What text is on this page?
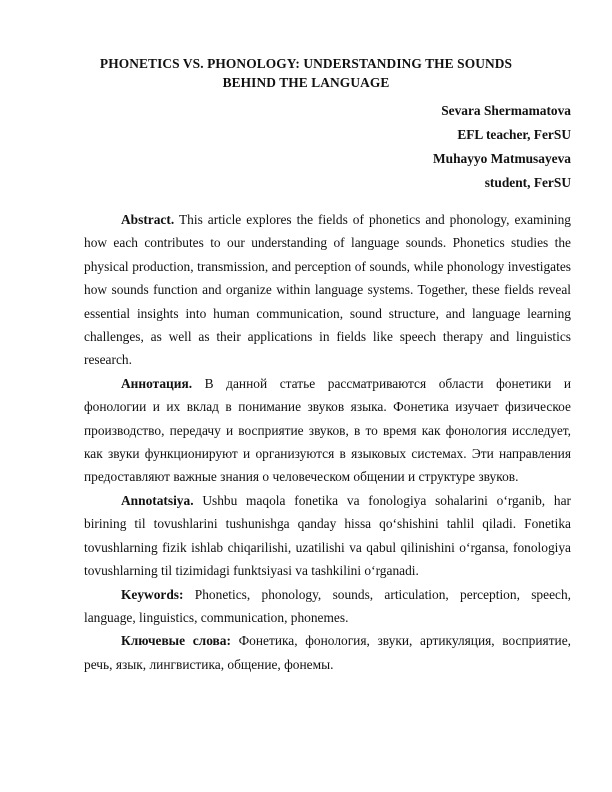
PHONETICS VS. PHONOLOGY: UNDERSTANDING THE SOUNDS BEHIND THE LANGUAGE
Sevara Shermamatova
EFL teacher, FerSU
Muhayyo Matmusayeva
student, FerSU

Abstract. This article explores the fields of phonetics and phonology, examining how each contributes to our understanding of language sounds. Phonetics studies the physical production, transmission, and perception of sounds, while phonology investigates how sounds function and organize within language systems. Together, these fields reveal essential insights into human communication, sound structure, and language learning challenges, as well as their applications in fields like speech therapy and linguistics research.

Аннотация. В данной статье рассматриваются области фонетики и фонологии и их вклад в понимание звуков языка. Фонетика изучает физическое производство, передачу и восприятие звуков, в то время как фонология исследует, как звуки функционируют и организуются в языковых системах. Эти направления предоставляют важные знания о человеческом общении и структуре звуков.

Annotatsiya. Ushbu maqola fonetika va fonologiya sohalarini o‘rganib, har birining til tovushlarini tushunishga qanday hissa qo‘shishini tahlil qiladi. Fonetika tovushlarning fizik ishlab chiqarilishi, uzatilishi va qabul qilinishini o‘rgansa, fonologiya tovushlarning til tizimidagi funktsiyasi va tashkilini o‘rganadi.

Keywords: Phonetics, phonology, sounds, articulation, perception, speech, language, linguistics, communication, phonemes.

Ключевые слова: Фонетика, фонология, звуки, артикуляция, восприятие, речь, язык, лингвистика, общение, фонемы.
